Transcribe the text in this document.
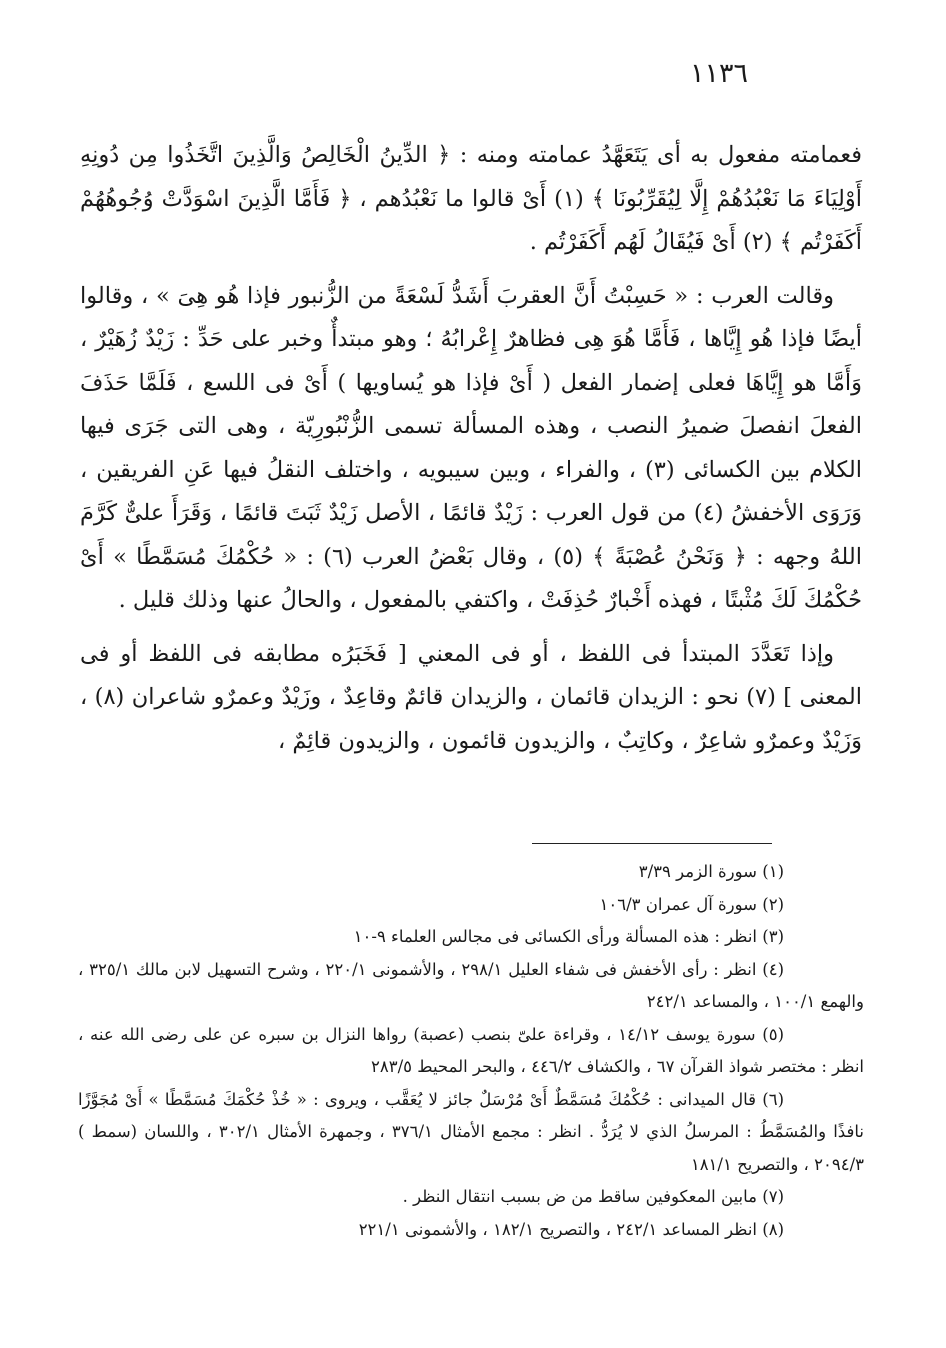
١١٣٦

فعمامته مفعول به أى يَتَعَهَّدُ عمامته ومنه : ﴿ الدِّينُ الْخَالِصُ وَالَّذِينَ اتَّخَذُوا مِن دُونِهِ أَوْلِيَاءَ مَا نَعْبُدُهُمْ إِلَّا لِيُقَرِّبُونَا ﴾ (١) أَىْ قالوا ما نَعْبُدُهم ، ﴿ فَأَمَّا الَّذِينَ اسْوَدَّتْ وُجُوهُهُمْ أَكَفَرْتُم ﴾ (٢) أَىْ فَيُقَالُ لَهُم أَكَفَرْتُم .

وقالت العرب : « حَسِبْتُ أَنَّ العقربَ أَشَدُّ لَسْعَةً من الزُّنبور فإذا هُو هِىَ » ، وقالوا أيضًا فإذا هُو إِيَّاها ، فَأَمَّا هُوَ هِى فظاهرٌ إِعْرابُهُ ؛ وهو مبتدأٌ وخبر على حَدِّ : زَيْدٌ زُهَيْرٌ ، وَأَمَّا هو إِيَّاهَا فعلى إضمار الفعل ( أَىْ فإذا هو يُساويها ) أَىْ فى اللسع ، فَلَمَّا حَذَفَ الفعلَ انفصلَ ضميرُ النصب ، وهذه المسألة تسمى الزُّنْبُورِيّة ، وهى التى جَرَى فيها الكلام بين الكسائى (٣) ، والفراء ، وبين سيبويه ، واختلف النقلُ فيها عَنِ الفريقين ، وَرَوَى الأخفشُ (٤) من قول العرب : زَيْدٌ قائمًا ، الأصل زَيْدٌ ثَبَتَ قائمًا ، وَقَرَأَ علىٌّ كَرَّمَ اللهُ وجهه : ﴿ وَنَحْنُ عُصْبَةً ﴾ (٥) ، وقال بَعْضُ العرب (٦) : « حُكْمُكَ مُسَمَّطًا » أَىْ حُكْمُكَ لَكَ مُثْبتًا ، فهذه أَخْبارٌ حُذِفَتْ ، واكتفي بالمفعول ، والحالُ عنها وذلك قليل .

وإذا تَعَدَّدَ المبتدأ فى اللفظ ، أو فى المعني [ فَخَبَرُه مطابقه فى اللفظ أو فى المعنى ] (٧) نحو : الزيدان قائمان ، والزيدان قائمٌ وقاعِدٌ ، وزَيْدٌ وعمرٌو شاعران (٨) ، وَزَيْدٌ وعمرٌو شاعِرٌ ، وكاتِبٌ ، والزيدون قائمون ، والزيدون قائِمٌ ،

(١) سورة الزمر ٣/٣٩

(٢) سورة آل عمران ١٠٦/٣

(٣) انظر : هذه المسألة ورأى الكسائى فى مجالس العلماء ٩-١٠

(٤) انظر : رأى الأخفش فى شفاء العليل ٢٩٨/١ ، والأشمونى ٢٢٠/١ ، وشرح التسهيل لابن مالك ٣٢٥/١ ، والهمع ١٠٠/١ ، والمساعد ٢٤٢/١

(٥) سورة يوسف ١٤/١٢ ، وقراءة علىّ بنصب (عصبة) رواها النزال بن سبره عن على رضى الله عنه ، انظر : مختصر شواذ القرآن ٦٧ ، والكشاف ٤٤٦/٢ ، والبحر المحيط ٢٨٣/٥

(٦) قال الميدانى : حُكْمُكَ مُسَمَّطٌ أَىْ مُرْسَلٌ جائز لا يُعَقَّب ، ويروى : « خُذْ حُكْمَكَ مُسَمَّطًا » أَىْ مُجَوَّزًا نافذًا والمُسَمَّطُ : المرسلُ الذي لا يُرَدُّ . انظر : مجمع الأمثال ٣٧٦/١ ، وجمهرة الأمثال ٣٠٢/١ ، واللسان (سمط ) ٢٠٩٤/٣ ، والتصريح ١٨١/١

(٧) مابين المعكوفين ساقط من ض بسبب انتقال النظر .

(٨) انظر المساعد ٢٤٢/١ ، والتصريح ١٨٢/١ ، والأشمونى ٢٢١/١
